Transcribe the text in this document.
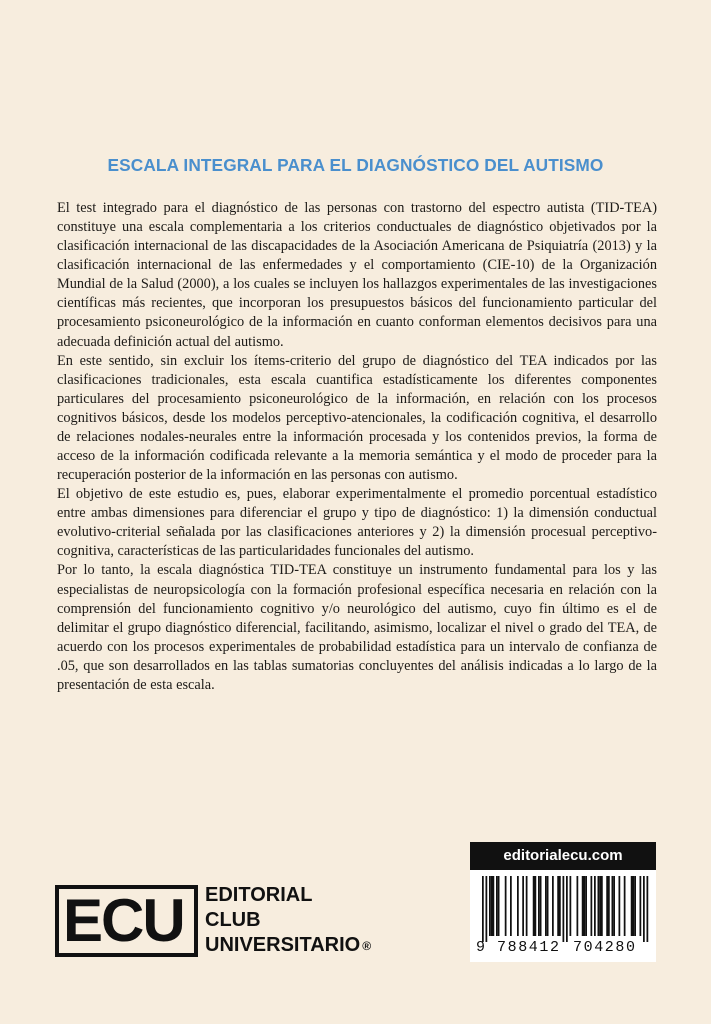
ESCALA INTEGRAL PARA EL DIAGNÓSTICO DEL AUTISMO

El test integrado para el diagnóstico de las personas con trastorno del espectro autista (TID-TEA) constituye una escala complementaria a los criterios conductuales de diagnóstico objetivados por la clasificación internacional de las discapacidades de la Asociación Americana de Psiquiatría (2013) y la clasificación internacional de las enfermedades y el comportamiento (CIE-10) de la Organización Mundial de la Salud (2000), a los cuales se incluyen los hallazgos experimentales de las investigaciones científicas más recientes, que incorporan los presupuestos básicos del funcionamiento particular del procesamiento psiconeurológico de la información en cuanto conforman elementos decisivos para una adecuada definición actual del autismo.

En este sentido, sin excluir los ítems-criterio del grupo de diagnóstico del TEA indicados por las clasificaciones tradicionales, esta escala cuantifica estadísticamente los diferentes componentes particulares del procesamiento psiconeurológico de la información, en relación con los procesos cognitivos básicos, desde los modelos perceptivo-atencionales, la codificación cognitiva, el desarrollo de relaciones nodales-neurales entre la información procesada y los contenidos previos, la forma de acceso de la información codificada relevante a la memoria semántica y el modo de proceder para la recuperación posterior de la información en las personas con autismo.

El objetivo de este estudio es, pues, elaborar experimentalmente el promedio porcentual estadístico entre ambas dimensiones para diferenciar el grupo y tipo de diagnóstico: 1) la dimensión conductual evolutivo-criterial señalada por las clasificaciones anteriores y 2) la dimensión procesual perceptivo-cognitiva, características de las particularidades funcionales del autismo.

Por lo tanto, la escala diagnóstica TID-TEA constituye un instrumento fundamental para los y las especialistas de neuropsicología con la formación profesional específica necesaria en relación con la comprensión del funcionamiento cognitivo y/o neurológico del autismo, cuyo fin último es el de delimitar el grupo diagnóstico diferencial, facilitando, asimismo, localizar el nivel o grado del TEA, de acuerdo con los procesos experimentales de probabilidad estadística para un intervalo de confianza de .05, que son desarrollados en las tablas sumatorias concluyentes del análisis indicadas a lo largo de la presentación de esta escala.

ECU	EDITORIAL
CLUB
UNIVERSITARIO ®
editorialecu.com
9 788412 704280
